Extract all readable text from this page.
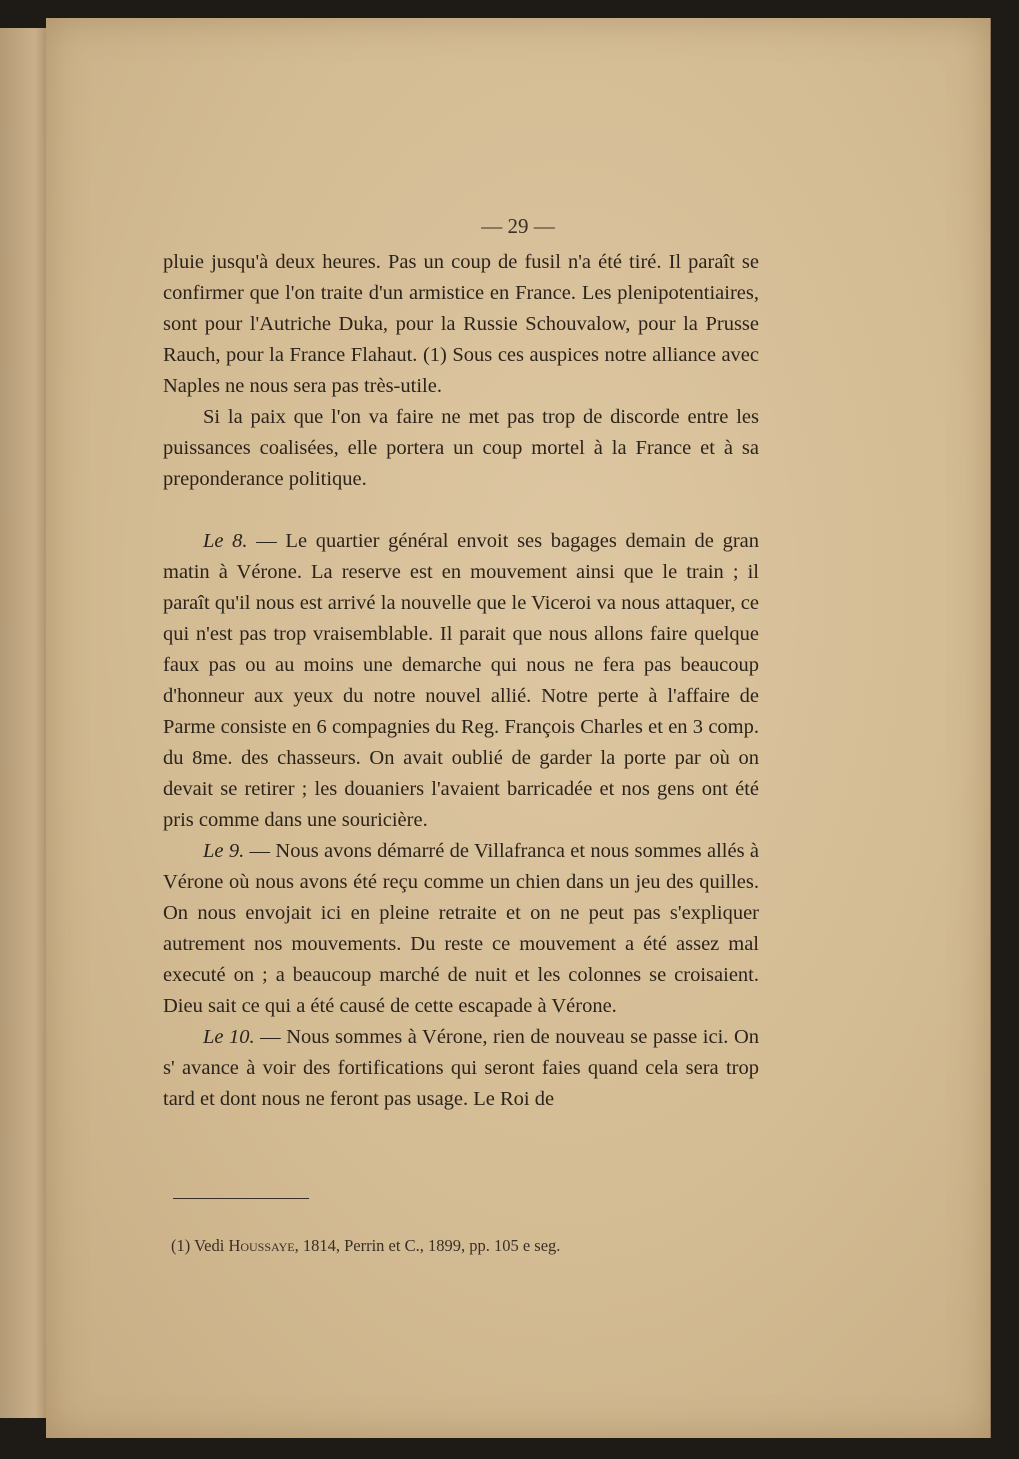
— 29 —

pluie jusqu'à deux heures. Pas un coup de fusil n'a été tiré. Il paraît se confirmer que l'on traite d'un armistice en France. Les plenipotentiaires, sont pour l'Autriche Duka, pour la Russie Schouvalow, pour la Prusse Rauch, pour la France Flahaut. (1) Sous ces auspices notre alliance avec Naples ne nous sera pas très-utile.

Si la paix que l'on va faire ne met pas trop de discorde entre les puissances coalisées, elle portera un coup mortel à la France et à sa preponderance politique.

Le 8. — Le quartier général envoit ses bagages demain de gran matin à Vérone. La reserve est en mouvement ainsi que le train ; il paraît qu'il nous est arrivé la nouvelle que le Viceroi va nous attaquer, ce qui n'est pas trop vraisemblable. Il parait que nous allons faire quelque faux pas ou au moins une demarche qui nous ne fera pas beaucoup d'honneur aux yeux du notre nouvel allié. Notre perte à l'affaire de Parme consiste en 6 compagnies du Reg. François Charles et en 3 comp. du 8me. des chasseurs. On avait oublié de garder la porte par où on devait se retirer ; les douaniers l'avaient barricadée et nos gens ont été pris comme dans une souricière.

Le 9. — Nous avons démarré de Villafranca et nous sommes allés à Vérone où nous avons été reçu comme un chien dans un jeu des quilles. On nous envojait ici en pleine retraite et on ne peut pas s'expliquer autrement nos mouvements. Du reste ce mouvement a été assez mal executé on ; a beaucoup marché de nuit et les colonnes se croisaient. Dieu sait ce qui a été causé de cette escapade à Vérone.

Le 10. — Nous sommes à Vérone, rien de nouveau se passe ici. On s' avance à voir des fortifications qui seront faies quand cela sera trop tard et dont nous ne feront pas usage. Le Roi de

(1) Vedi Houssaye, 1814, Perrin et C., 1899, pp. 105 e seg.
